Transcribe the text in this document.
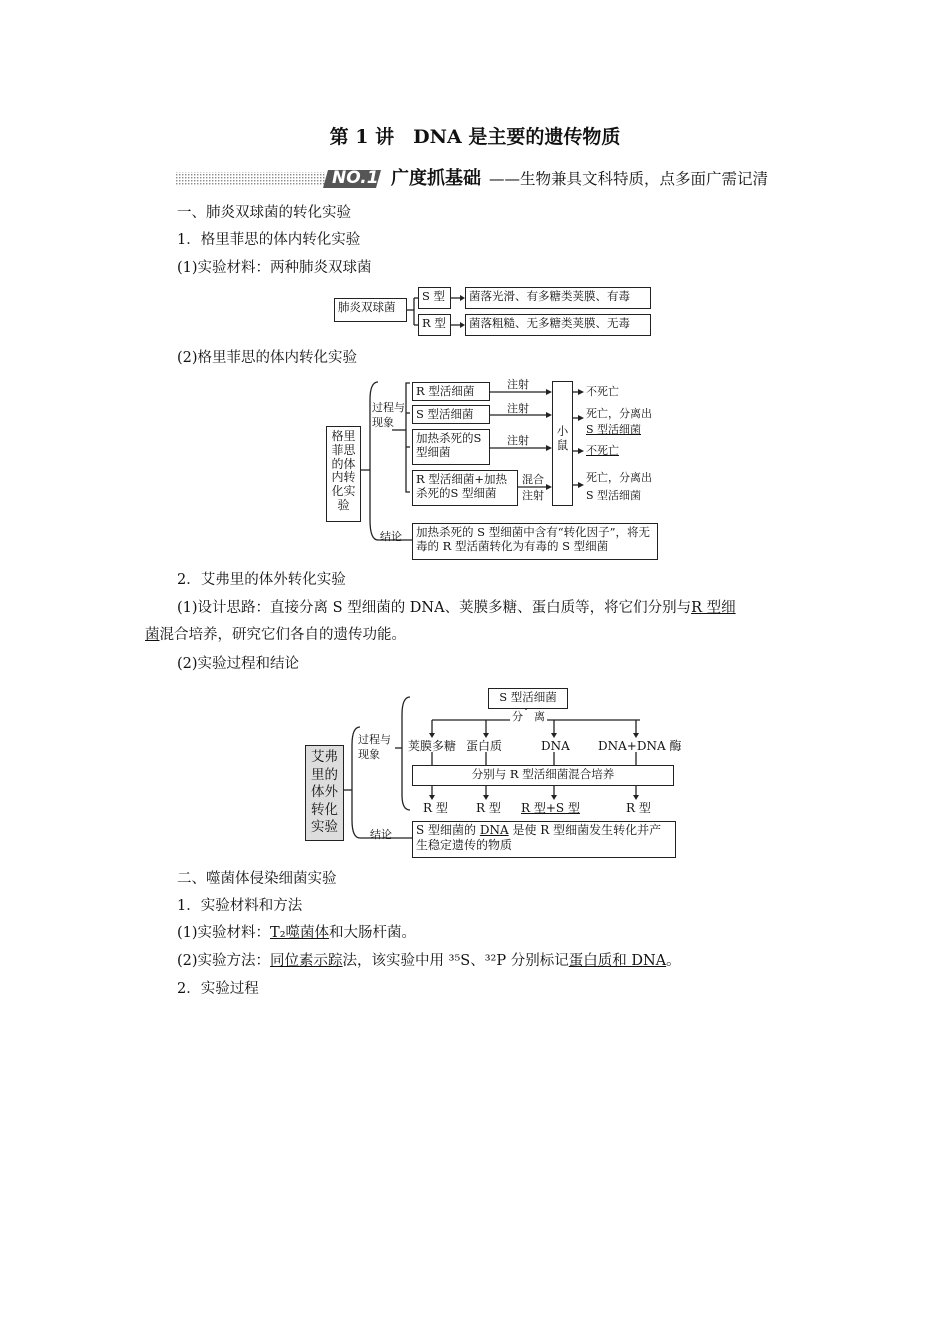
第 1 讲　DNA 是主要的遗传物质
NO.1 广度抓基础 ——生物兼具文科特质，点多面广需记清
一、肺炎双球菌的转化实验
1．格里菲思的体内转化实验
(1)实验材料：两种肺炎双球菌
肺炎双球菌
S 型
R 型
菌落光滑、有多糖类荚膜、有毒
菌落粗糙、无多糖类荚膜、无毒
(2)格里菲思的体内转化实验
格里菲思的体内转化实验
过程与现象
结论
R 型活细菌
S 型活细菌
加热杀死的S 型细菌
R 型活细菌+加热杀死的S 型细菌
注射
注射
注射
混合
注射
小鼠
不死亡
死亡，分离出
S 型活细菌
不死亡
死亡，分离出
S 型活细菌
加热杀死的 S 型细菌中含有“转化因子”，将无毒的 R 型活菌转化为有毒的 S 型细菌
2．艾弗里的体外转化实验
(1)设计思路：直接分离 S 型细菌的 DNA、荚膜多糖、蛋白质等，将它们分别与R 型细
菌混合培养，研究它们各自的遗传功能。
(2)实验过程和结论
艾弗里的体外转化实验
过程与现象
结论
S 型活细菌
分　离
荚膜多糖 蛋白质	DNA DNA+DNA 酶
分别与 R 型活细菌混合培养
R 型 R 型 R 型+S 型	R 型
S 型细菌的 DNA 是使 R 型细菌发生转化并产生稳定遗传的物质
二、噬菌体侵染细菌实验
1．实验材料和方法
(1)实验材料：T₂噬菌体和大肠杆菌。
(2)实验方法：同位素示踪法，该实验中用 ³⁵S、³²P 分别标记蛋白质和 DNA。
2．实验过程
